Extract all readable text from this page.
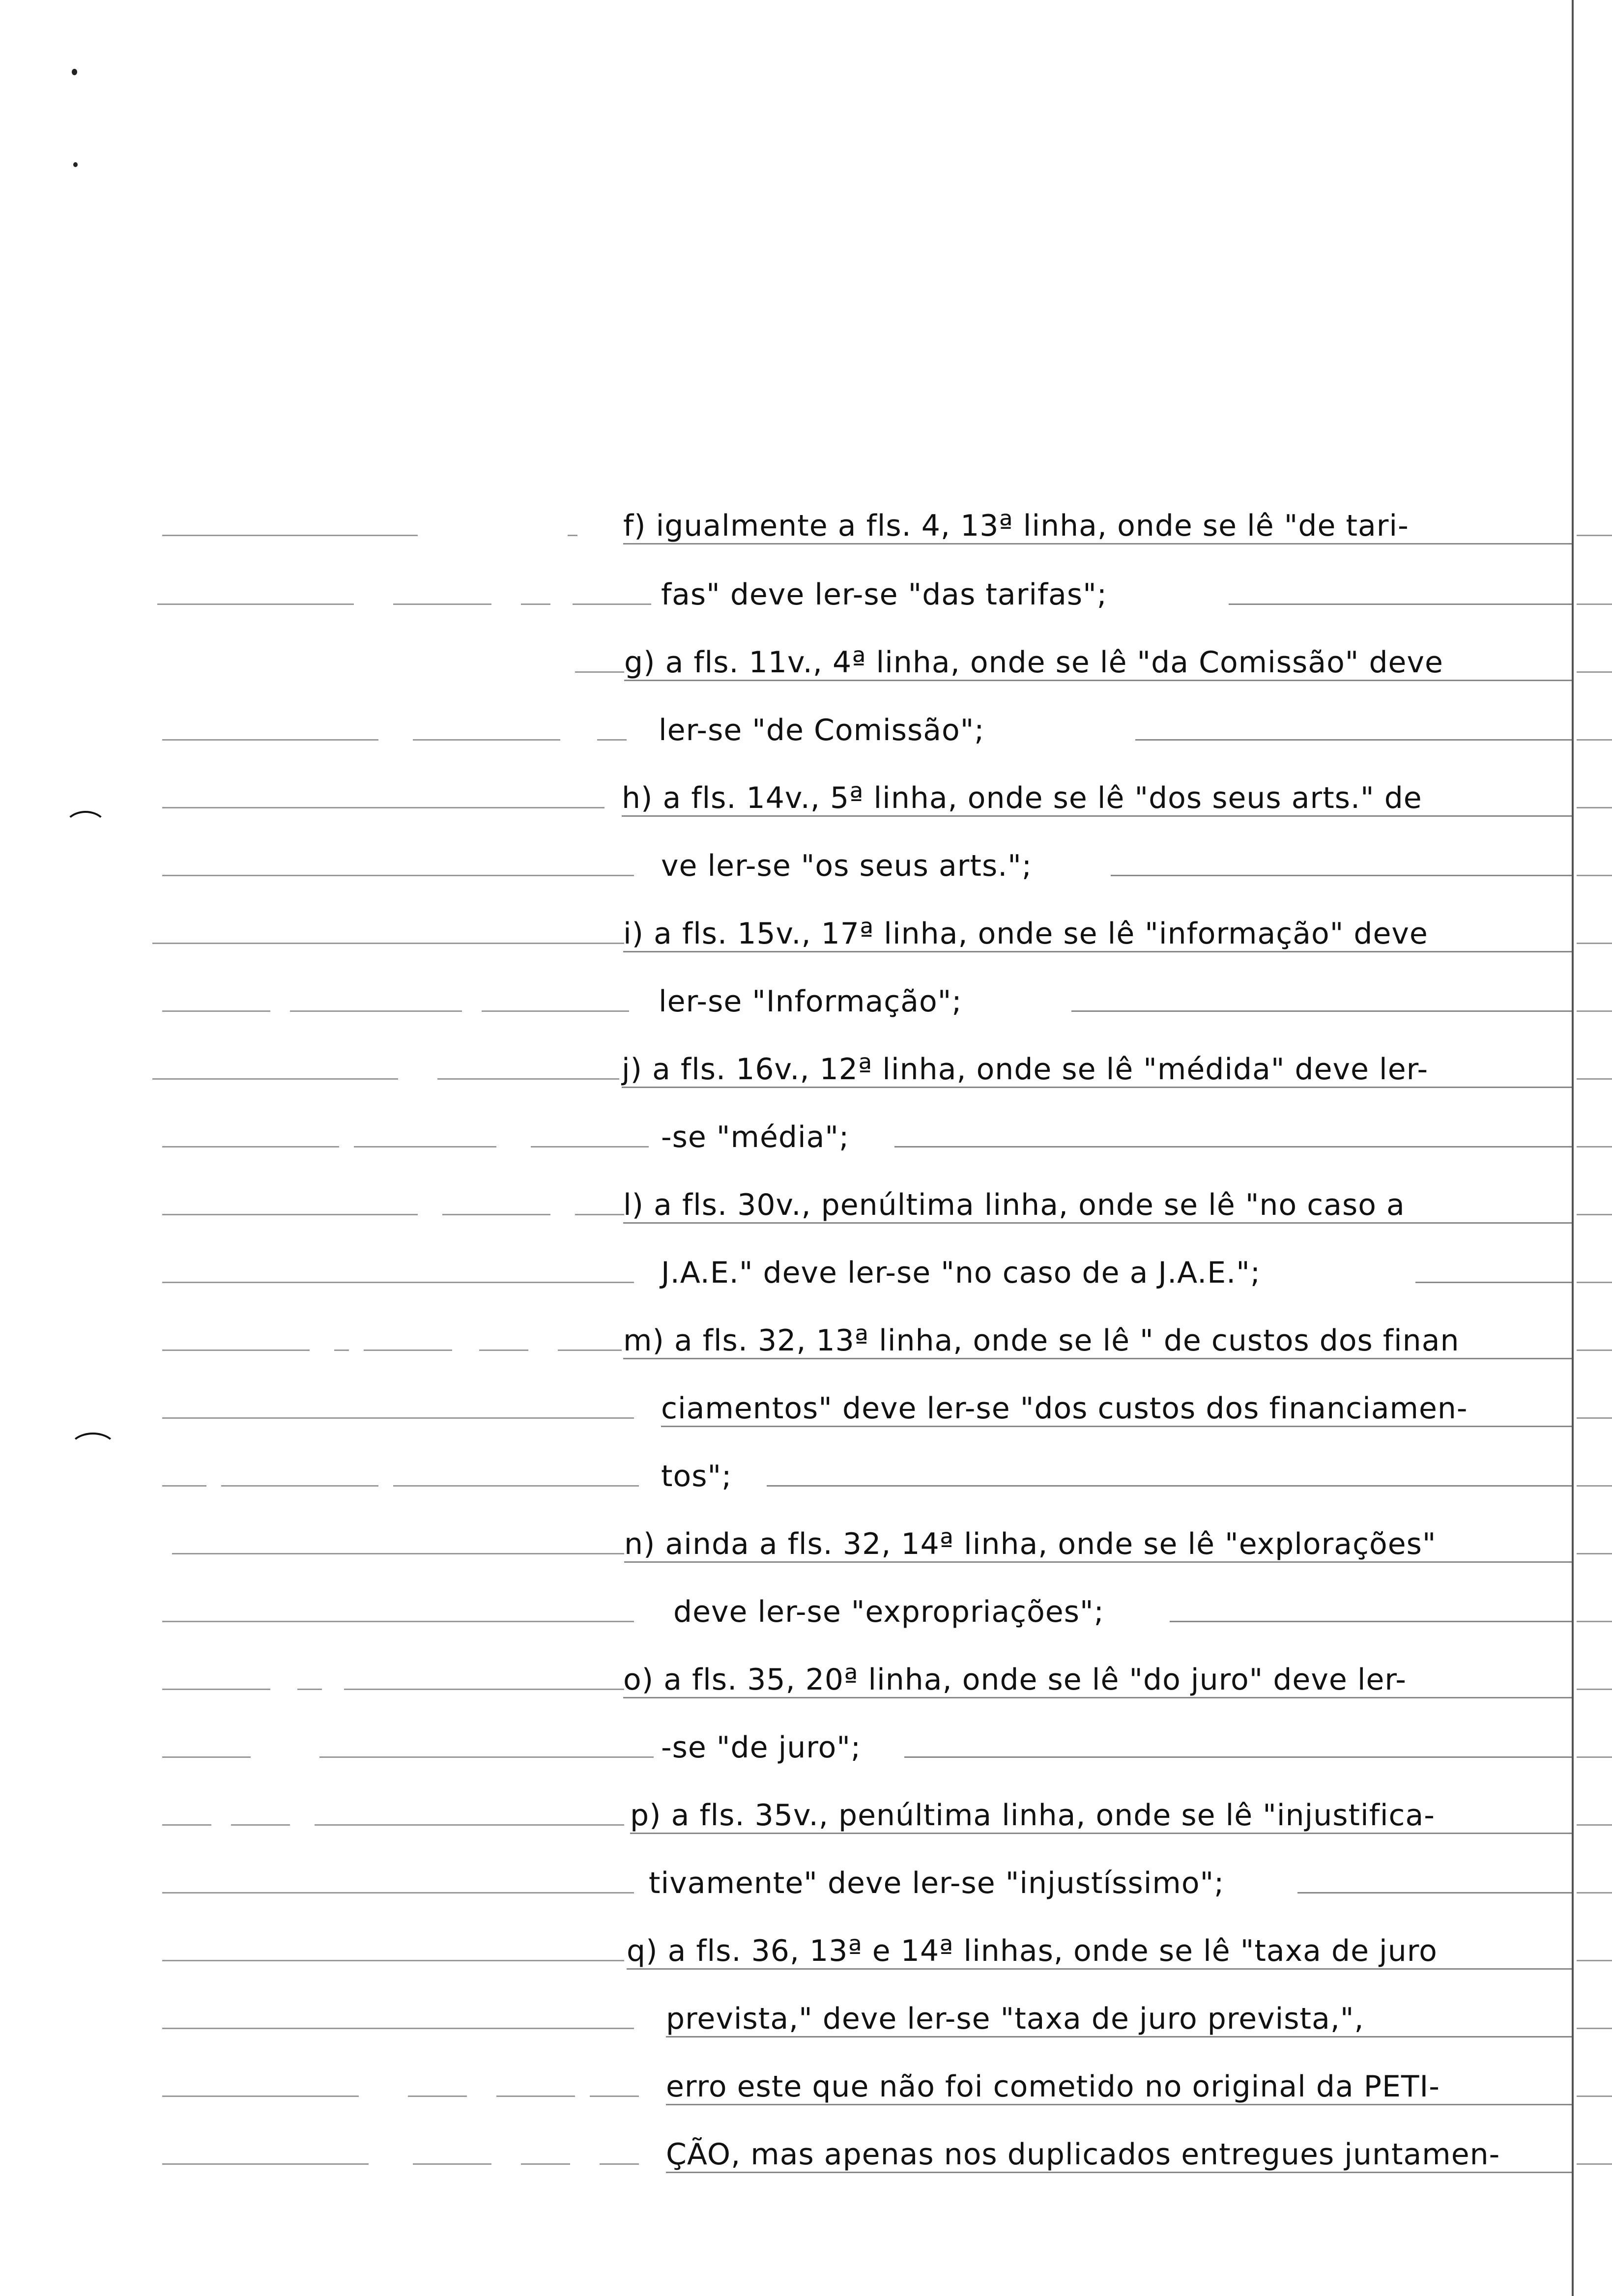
f) igualmente a fls. 4, 13ª linha, onde se lê "de tari-
fas" deve ler-se "das tarifas";
g) a fls. 11v., 4ª linha, onde se lê "da Comissão" deve
ler-se "de Comissão";
h) a fls. 14v., 5ª linha, onde se lê "dos seus arts." de
ve ler-se "os seus arts.";
i) a fls. 15v., 17ª linha, onde se lê "informação" deve
ler-se "Informação";
j) a fls. 16v., 12ª linha, onde se lê "médida" deve ler-
-se "média";
l) a fls. 30v., penúltima linha, onde se lê "no caso a
J.A.E." deve ler-se "no caso de a J.A.E.";
m) a fls. 32, 13ª linha, onde se lê " de custos dos finan
ciamentos" deve ler-se "dos custos dos financiamen-
tos";
n) ainda a fls. 32, 14ª linha, onde se lê "explorações"
deve ler-se "expropriações";
o) a fls. 35, 20ª linha, onde se lê "do juro" deve ler-
-se "de juro";
p) a fls. 35v., penúltima linha, onde se lê "injustifica-
tivamente" deve ler-se "injustíssimo";
q) a fls. 36, 13ª e 14ª linhas, onde se lê "taxa de juro
prevista," deve ler-se "taxa de juro prevista,",
erro este que não foi cometido no original da PETI-
ÇÃO, mas apenas nos duplicados entregues juntamen-
